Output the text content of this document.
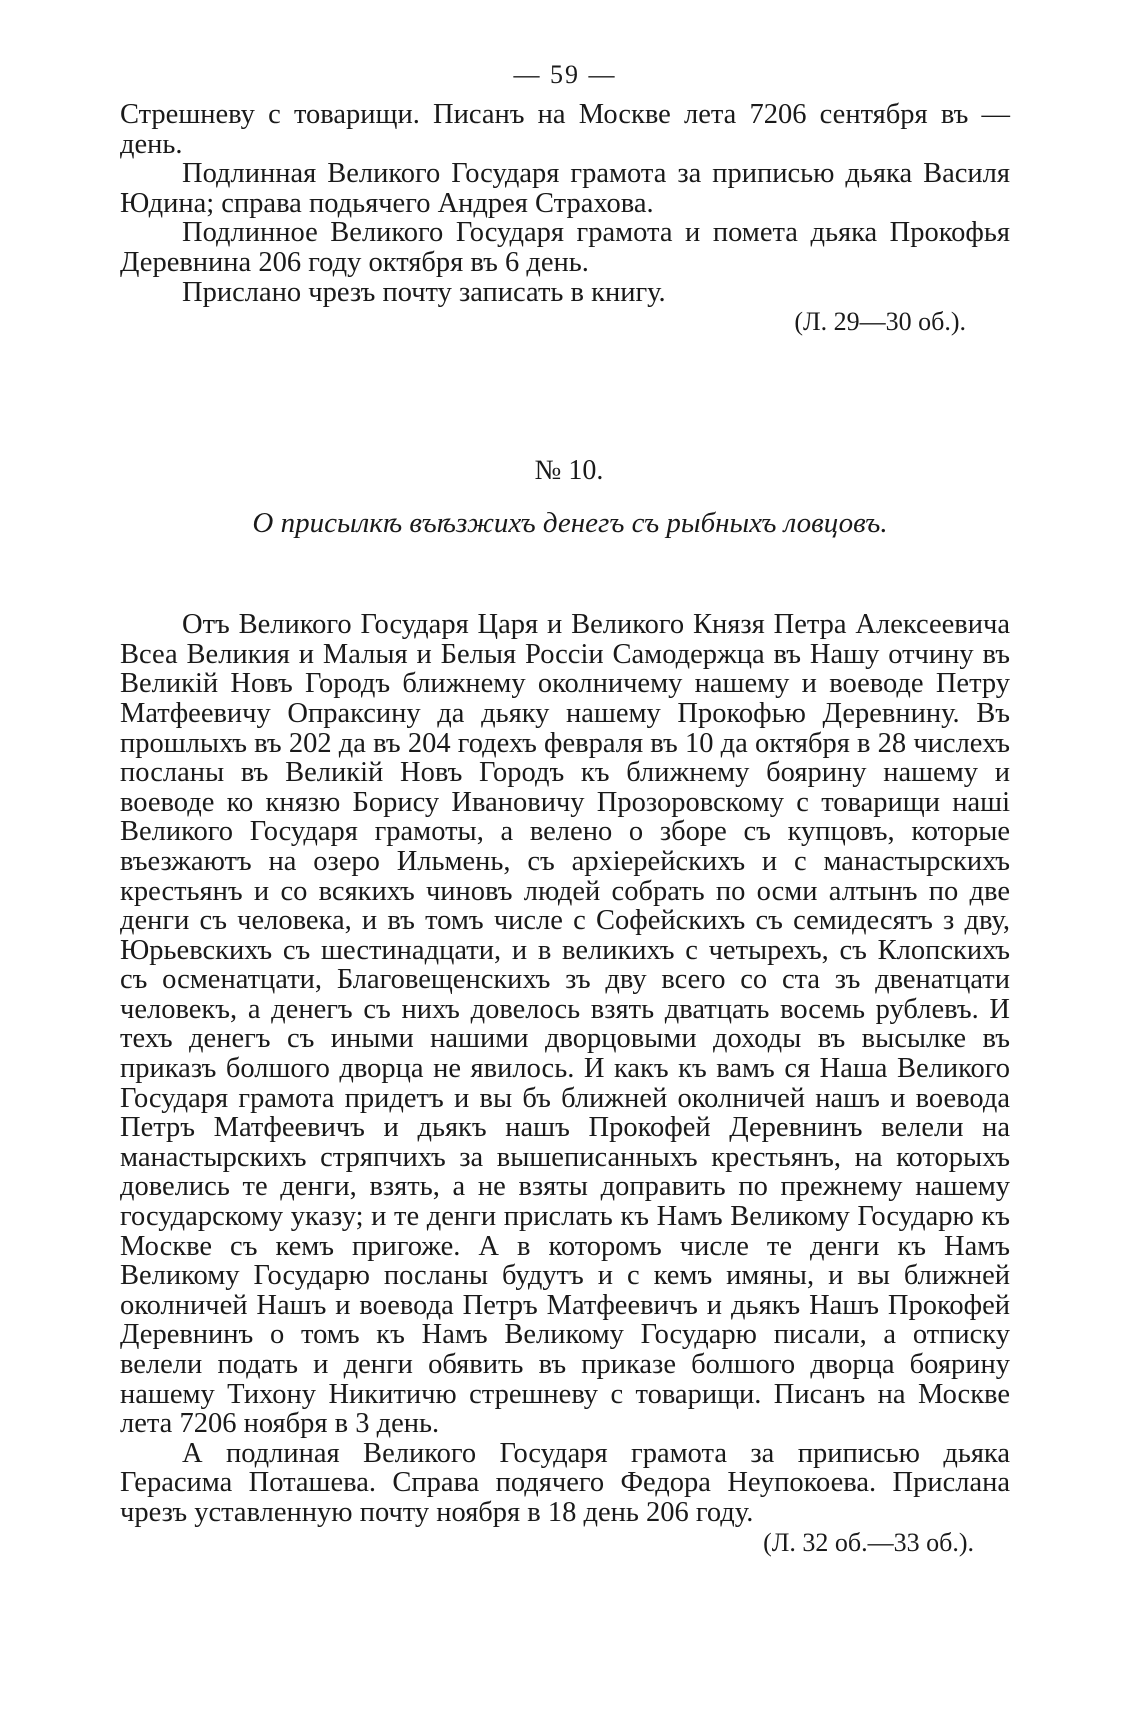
— 59 —

Стрешневу с товарищи. Писанъ на Москве лета 7206 сентября въ — день.

Подлинная Великого Государя грамота за приписью дьяка Василя Юдина; справа подьячего Андрея Страхова.

Подлинное Великого Государя грамота и помета дьяка Прокофья Деревнина 206 году октября въ 6 день.

Прислано чрезъ почту записать в книгу.

(Л. 29—30 об.).

№ 10.
О присылкѣ въѣзжихъ денегъ съ рыбныхъ ловцовъ.

Отъ Великого Государя Царя и Великого Князя Петра Алексеевича Всеа Великия и Малыя и Белыя Россіи Самодержца въ Нашу отчину въ Великій Новъ Городъ ближнему околничему нашему и воеводе Петру Матфеевичу Опраксину да дьяку нашему Прокофью Деревнину. Въ прошлыхъ въ 202 да въ 204 годехъ февраля въ 10 да октября в 28 числехъ посланы въ Великій Новъ Городъ къ ближнему боярину нашему и воеводе ко князю Борису Ивановичу Прозоровскому с товарищи нашi Великого Государя грамоты, а велено о зборе съ купцовъ, которые въезжаютъ на озеро Ильмень, съ архiерейскихъ и с манастырскихъ крестьянъ и со всякихъ чиновъ людей собрать по осми алтынъ по две денги съ человека, и въ томъ числе с Софейскихъ съ семидесятъ з дву, Юрьевскихъ съ шестинадцати, и в великихъ с четырехъ, съ Клопскихъ съ осменатцати, Благовещенскихъ зъ дву всего со ста зъ двенатцати человекъ, а денегъ съ нихъ довелось взять дватцать восемь рублевъ. И техъ денегъ съ иными нашими дворцовыми доходы въ высылке въ приказъ болшого дворца не явилось. И какъ къ вамъ ся Наша Великого Государя грамота придетъ и вы бъ ближней околничей нашъ и воевода Петръ Матфеевичъ и дьякъ нашъ Прокофей Деревнинъ велели на манастырскихъ стряпчихъ за вышеписанныхъ крестьянъ, на которыхъ довелись те денги, взять, а не взяты доправить по прежнему нашему государскому указу; и те денги прислать къ Намъ Великому Государю къ Москве съ кемъ пригоже. А в которомъ числе те денги къ Намъ Великому Государю посланы будутъ и с кемъ имяны, и вы ближней околничей Нашъ и воевода Петръ Матфеевичъ и дьякъ Нашъ Прокофей Деревнинъ о томъ къ Намъ Великому Государю писали, а отписку велели подать и денги обявить въ приказе болшого дворца боярину нашему Тихону Никитичю стрешневу с товарищи. Писанъ на Москве лета 7206 ноября в 3 день.

А подлиная Великого Государя грамота за приписью дьяка Герасима Поташева. Справа подячего Федора Неупокоева. Прислана чрезъ уставленную почту ноября в 18 день 206 году.

(Л. 32 об.—33 об.).
